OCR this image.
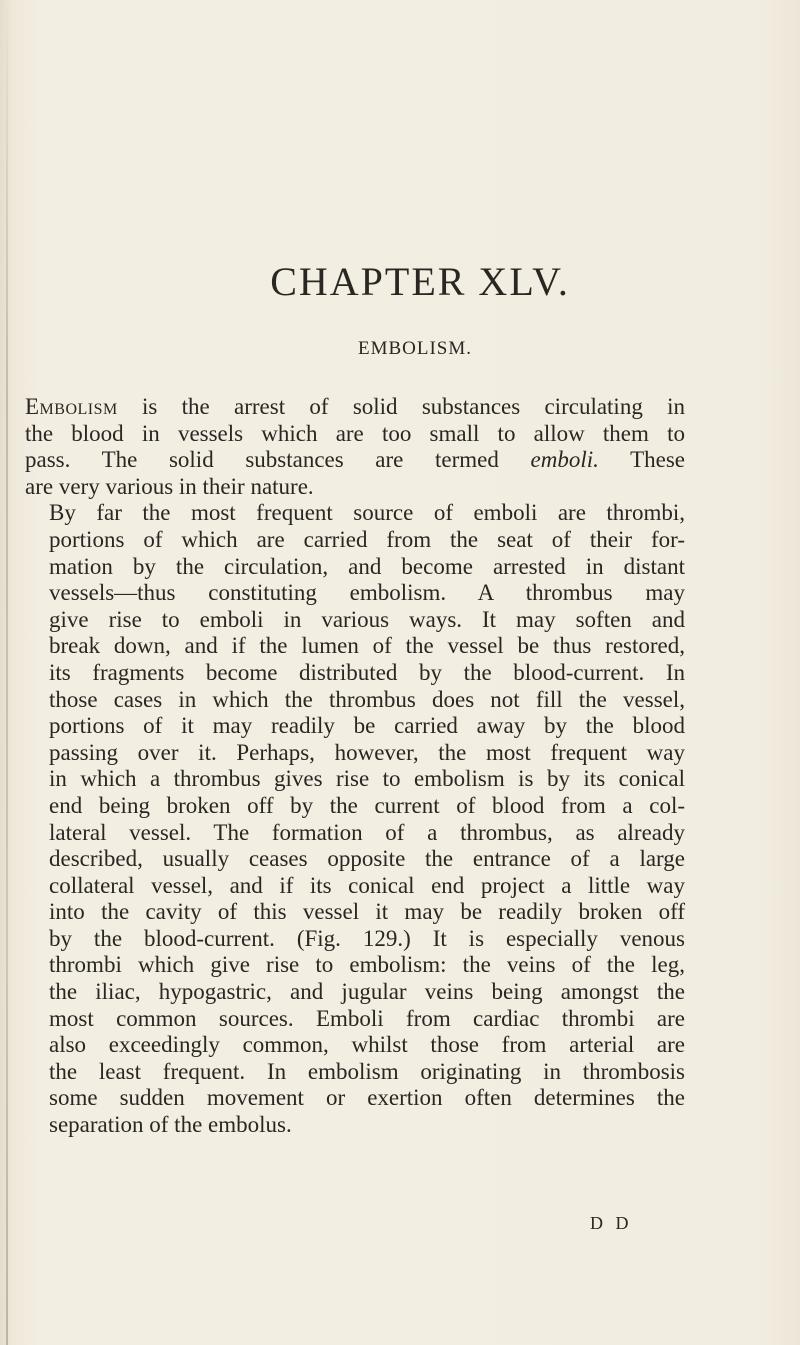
CHAPTER XLV.
EMBOLISM.

Embolism is the arrest of solid substances circulating in
the blood in vessels which are too small to allow them to
pass. The solid substances are termed emboli. These
are very various in their nature.

By far the most frequent source of emboli are thrombi,
portions of which are carried from the seat of their for-
mation by the circulation, and become arrested in distant
vessels—thus constituting embolism. A thrombus may
give rise to emboli in various ways. It may soften and
break down, and if the lumen of the vessel be thus restored,
its fragments become distributed by the blood-current. In
those cases in which the thrombus does not fill the vessel,
portions of it may readily be carried away by the blood
passing over it. Perhaps, however, the most frequent way
in which a thrombus gives rise to embolism is by its conical
end being broken off by the current of blood from a col-
lateral vessel. The formation of a thrombus, as already
described, usually ceases opposite the entrance of a large
collateral vessel, and if its conical end project a little way
into the cavity of this vessel it may be readily broken off
by the blood-current. (Fig. 129.) It is especially venous
thrombi which give rise to embolism: the veins of the leg,
the iliac, hypogastric, and jugular veins being amongst the
most common sources. Emboli from cardiac thrombi are
also exceedingly common, whilst those from arterial are
the least frequent. In embolism originating in thrombosis
some sudden movement or exertion often determines the
separation of the embolus.

D D
